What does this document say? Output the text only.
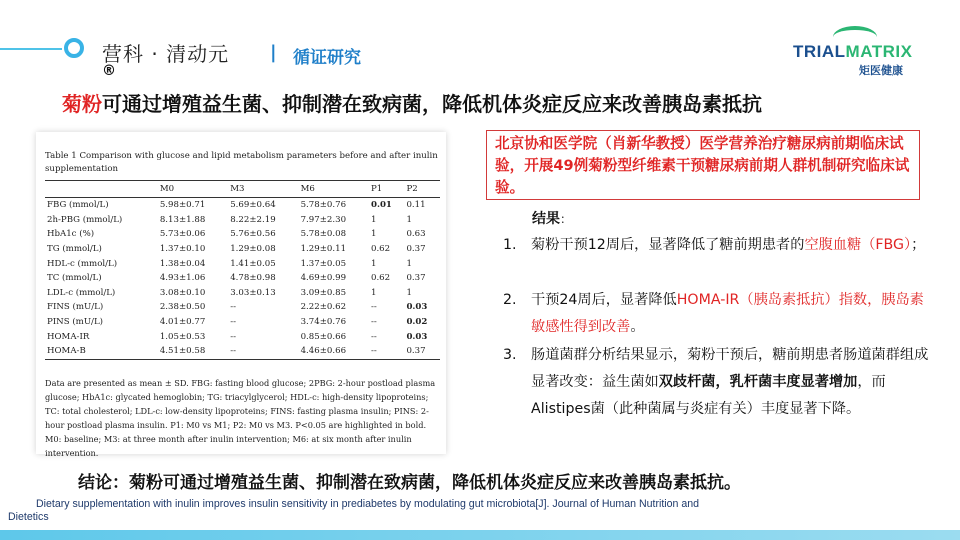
营科 · 清动元
®
| 循证研究	TRIALMATRIX
矩医健康
菊粉可通过增殖益生菌、抑制潜在致病菌，降低机体炎症反应来改善胰岛素抵抗
Table 1 Comparison with glucose and lipid metabolism parameters before and after inulin supplementation
	M0	M3	M6	P1	P2
FBG (mmol/L)	5.98±0.71	5.69±0.64	5.78±0.76	0.01	0.11
2h-PBG (mmol/L)	8.13±1.88	8.22±2.19	7.97±2.30	1	1
HbA1c (%)	5.73±0.06	5.76±0.56	5.78±0.08	1	0.63
TG (mmol/L)	1.37±0.10	1.29±0.08	1.29±0.11	0.62	0.37
HDL-c (mmol/L)	1.38±0.04	1.41±0.05	1.37±0.05	1	1
TC (mmol/L)	4.93±1.06	4.78±0.98	4.69±0.99	0.62	0.37
LDL-c (mmol/L)	3.08±0.10	3.03±0.13	3.09±0.85	1	1
FINS (mU/L)	2.38±0.50	--	2.22±0.62	--	0.03
PINS (mU/L)	4.01±0.77	--	3.74±0.76	--	0.02
HOMA-IR	1.05±0.53	--	0.85±0.66	--	0.03
HOMA-B	4.51±0.58	--	4.46±0.66	--	0.37
Data are presented as mean ± SD. FBG: fasting blood glucose; 2PBG: 2-hour postload plasma glucose; HbA1c: glycated hemoglobin; TG: triacylglycerol; HDL-c: high-density lipoproteins; TC: total cholesterol; LDL-c: low-density lipoproteins; FINS: fasting plasma insulin; PINS: 2-hour postload plasma insulin. P1: M0 vs M1; P2: M0 vs M3. P<0.05 are highlighted in bold. M0: baseline; M3: at three month after inulin intervention; M6: at six month after inulin intervention.
北京协和医学院（肖新华教授）医学营养治疗糖尿病前期临床试验，开展49例菊粉型纤维素干预糖尿病前期人群机制研究临床试验。
结果：
1. 菊粉干预12周后，显著降低了糖前期患者的空腹血糖（FBG）；
2. 干预24周后，显著降低HOMA-IR（胰岛素抵抗）指数，胰岛素敏感性得到改善。
3. 肠道菌群分析结果显示，菊粉干预后，糖前期患者肠道菌群组成显著改变：益生菌如双歧杆菌，乳杆菌丰度显著增加，而Alistipes菌（此种菌属与炎症有关）丰度显著下降。
结论：菊粉可通过增殖益生菌、抑制潜在致病菌，降低机体炎症反应来改善胰岛素抵抗。
Dietary supplementation with inulin improves insulin sensitivity in prediabetes by modulating gut microbiota[J]. Journal of Human Nutrition and Dietetics
